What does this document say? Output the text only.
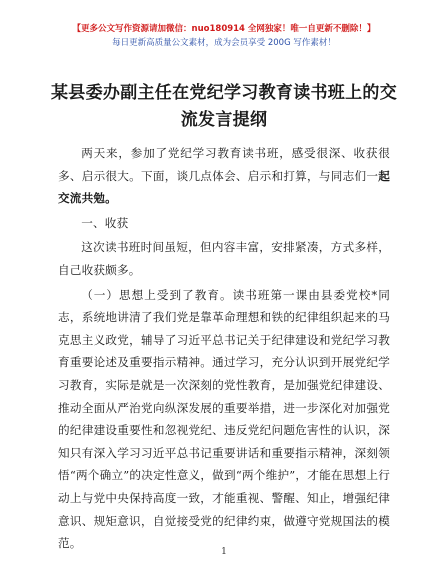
【更多公文写作资源请加微信：nuo180914 全网独家！唯一自更新不删除！】
每日更新高质量公文素材，成为会员享受 200G 写作素材！
某县委办副主任在党纪学习教育读书班上的交流发言提纲

两天来，参加了党纪学习教育读书班，感受很深、收获很多、启示很大。下面，谈几点体会、启示和打算，与同志们一起交流共勉。

一、收获

这次读书班时间虽短，但内容丰富，安排紧凑，方式多样，自己收获颇多。

（一）思想上受到了教育。读书班第一课由县委党校*同志，系统地讲清了我们党是靠革命理想和铁的纪律组织起来的马克思主义政党，辅导了习近平总书记关于纪律建设和党纪学习教育重要论述及重要指示精神。通过学习，充分认识到开展党纪学习教育，实际是就是一次深刻的党性教育，是加强党纪律建设、推动全面从严治党向纵深发展的重要举措，进一步深化对加强党的纪律建设重要性和忽视党纪、违反党纪问题危害性的认识，深知只有深入学习习近平总书记重要讲话和重要指示精神，深刻领悟“两个确立”的决定性意义，做到“两个维护”，才能在思想上行动上与党中央保持高度一致，才能重视、警醒、知止，增强纪律意识、规矩意识，自觉接受党的纪律约束，做遵守党规国法的模范。

1
